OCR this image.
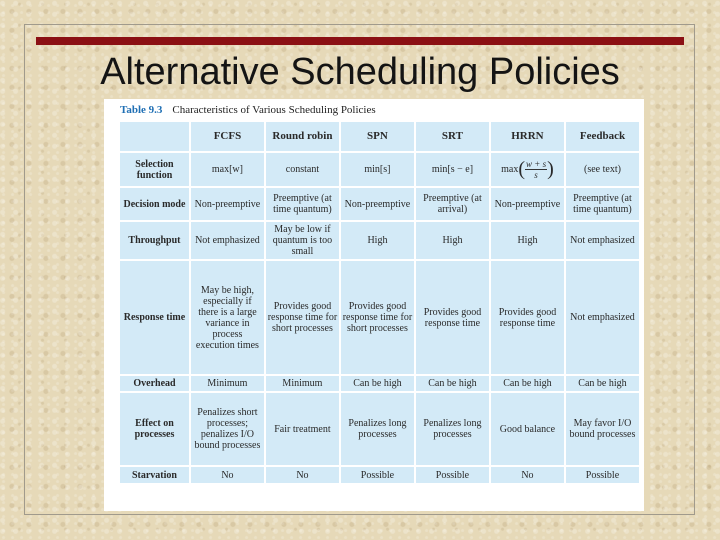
Alternative Scheduling Policies
Table 9.3 Characteristics of Various Scheduling Policies
	FCFS	Round robin	SPN	SRT	HRRN	Feedback
Selection function	max[w]	constant	min[s]	min[s − e]	$\max( \frac{w + s}{s}$ )	(see text)
Decision mode	Non-preemptive	Preemptive (at time quantum)	Non-preemptive	Preemptive (at arrival)	Non-preemptive	Preemptive (at time quantum)
Throughput	Not emphasized	May be low if quantum is too small	High	High	High	Not emphasized
Response time	May be high, especially if there is a large variance in process execution times	Provides good response time for short processes	Provides good response time for short processes	Provides good response time	Provides good response time	Not emphasized
Overhead	Minimum	Minimum	Can be high	Can be high	Can be high	Can be high
Effect on processes	Penalizes short processes; penalizes I/O bound processes	Fair treatment	Penalizes long processes	Penalizes long processes	Good balance	May favor I/O bound processes
Starvation	No	No	Possible	Possible	No	Possible
